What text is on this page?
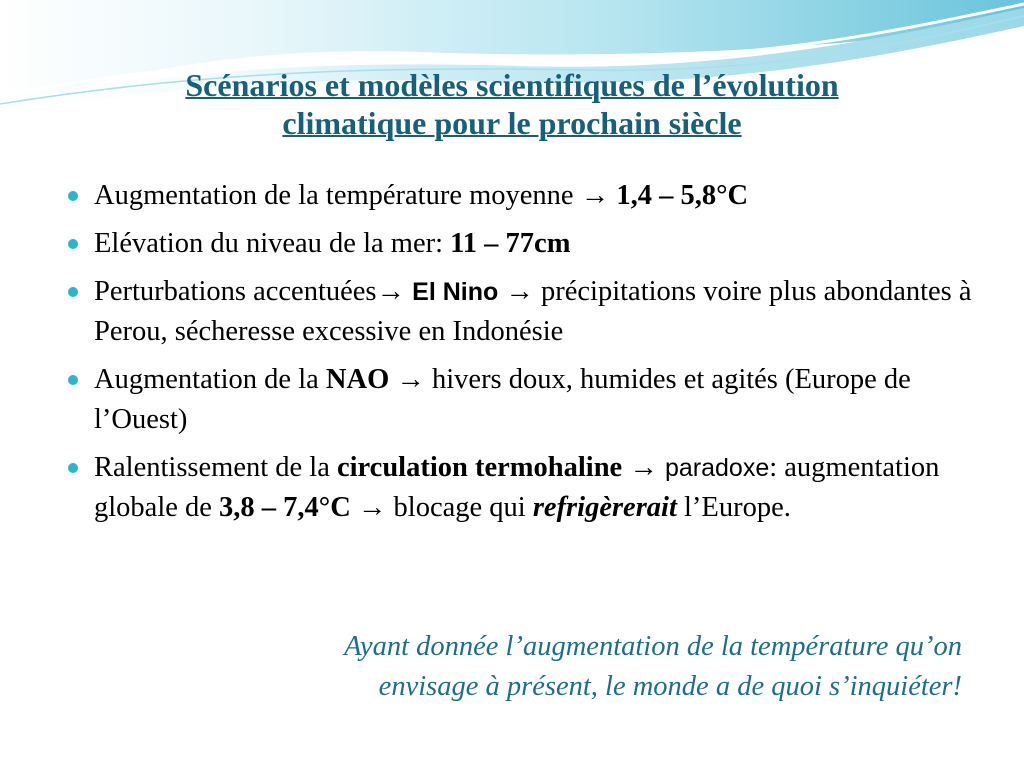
Scénarios et modèles scientifiques de l’évolution
climatique pour le prochain siècle
Augmentation de la température moyenne → 1,4 – 5,8°C
Elévation du niveau de la mer: 11 – 77cm
Perturbations accentuées→ El Nino → précipitations voire plus abondantes à Perou, sécheresse excessive en Indonésie
Augmentation de la NAO → hivers doux, humides et agités (Europe de l’Ouest)
Ralentissement de la circulation termohaline → paradoxe: augmentation globale de 3,8 – 7,4°C → blocage qui refrigèrerait l’Europe.
Ayant donnée l’augmentation de la température qu’on
envisage à présent, le monde a de quoi s’inquiéter!
